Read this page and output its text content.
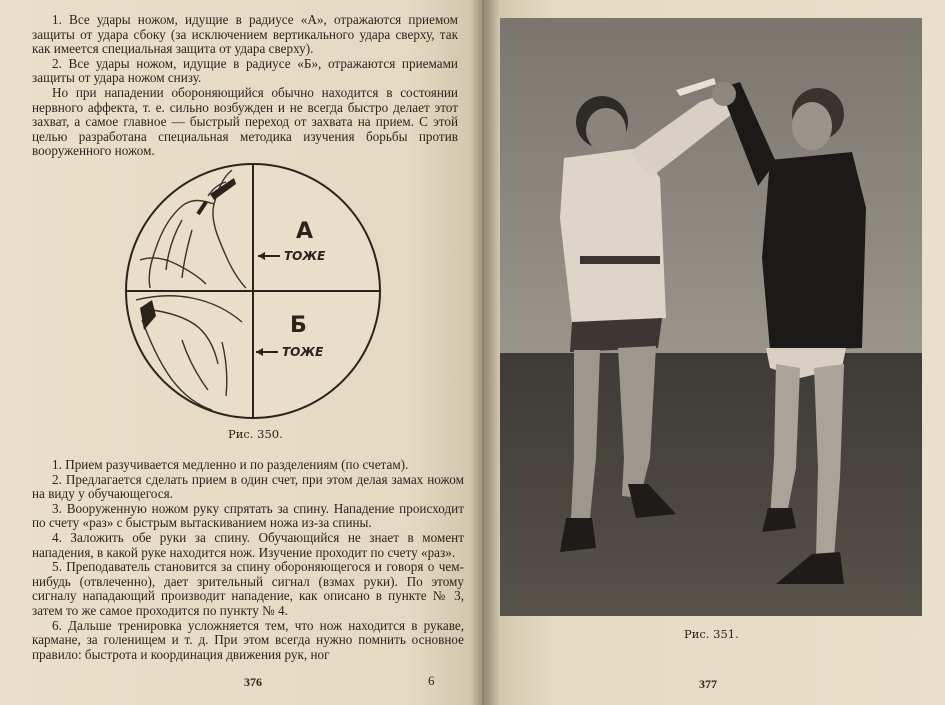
1. Все удары ножом, идущие в радиусе «А», отражаются приемом защиты от удара сбоку (за исключением вертикального удара сверху, так как имеется специальная защита от удара сверху).

2. Все удары ножом, идущие в радиусе «Б», отражаются приемами защиты от удара ножом снизу.

Но при нападении обороняющийся обычно находится в состоянии нервного аффекта, т. е. сильно возбужден и не всегда быстро делает этот захват, а самое главное — быстрый переход от захвата на прием. С этой целью разработана специальная методика изучения борьбы против вооруженного ножом.

А
ТОЖЕ
Б
ТОЖЕ
Рис. 350.

1. Прием разучивается медленно и по разделениям (по счетам).

2. Предлагается сделать прием в один счет, при этом делая замах ножом на виду у обучающегося.

3. Вооруженную ножом руку спрятать за спину. Нападение происходит по счету «раз» с быстрым вытаскиванием ножа из-за спины.

4. Заложить обе руки за спину. Обучающийся не знает в момент нападения, в какой руке находится нож. Изучение проходит по счету «раз».

5. Преподаватель становится за спину обороняющегося и говоря о чем-нибудь (отвлеченно), дает зрительный сигнал (взмах руки). По этому сигналу нападающий производит нападение, как описано в пункте № 3, затем то же самое проходится по пункту № 4.

6. Дальше тренировка усложняется тем, что нож находится в рукаве, кармане, за голенищем и т. д. При этом всегда нужно помнить основное правило: быстрота и координация движения рук, ног

376	6
Рис. 351.
377
